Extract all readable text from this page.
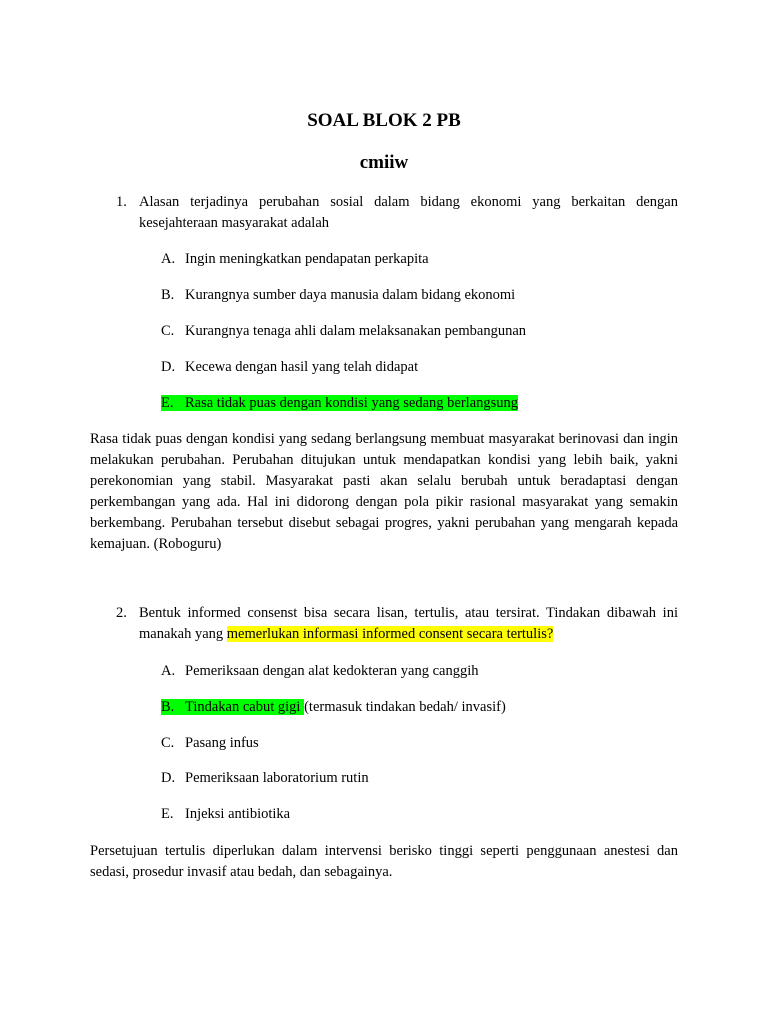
SOAL BLOK 2 PB
cmiiw
1. Alasan terjadinya perubahan sosial dalam bidang ekonomi yang berkaitan dengan kesejahteraan masyarakat adalah
A. Ingin meningkatkan pendapatan perkapita
B. Kurangnya sumber daya manusia dalam bidang ekonomi
C. Kurangnya tenaga ahli dalam melaksanakan pembangunan
D. Kecewa dengan hasil yang telah didapat
E. Rasa tidak puas dengan kondisi yang sedang berlangsung
Rasa tidak puas dengan kondisi yang sedang berlangsung membuat masyarakat berinovasi dan ingin melakukan perubahan. Perubahan ditujukan untuk mendapatkan kondisi yang lebih baik, yakni perekonomian yang stabil. Masyarakat pasti akan selalu berubah untuk beradaptasi dengan perkembangan yang ada. Hal ini didorong dengan pola pikir rasional masyarakat yang semakin berkembang. Perubahan tersebut disebut sebagai progres, yakni perubahan yang mengarah kepada kemajuan. (Roboguru)
2. Bentuk informed consenst bisa secara lisan, tertulis, atau tersirat. Tindakan dibawah ini manakah yang memerlukan informasi informed consent secara tertulis?
A. Pemeriksaan dengan alat kedokteran yang canggih
B. Tindakan cabut gigi (termasuk tindakan bedah/ invasif)
C. Pasang infus
D. Pemeriksaan laboratorium rutin
E. Injeksi antibiotika
Persetujuan tertulis diperlukan dalam intervensi berisko tinggi seperti penggunaan anestesi dan sedasi, prosedur invasif atau bedah, dan sebagainya.
